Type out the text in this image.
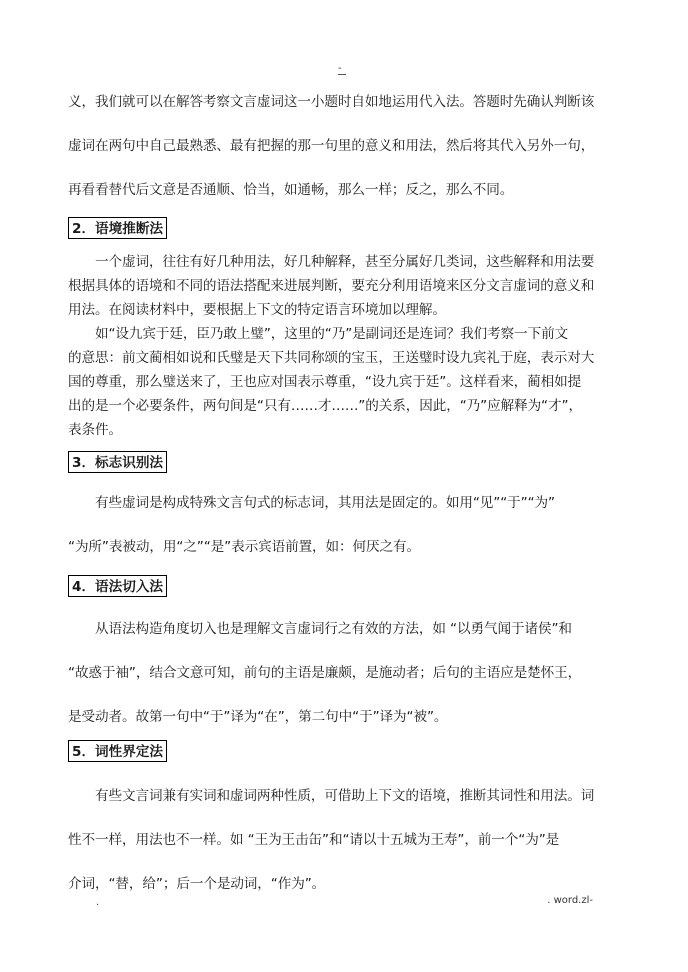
-
义，我们就可以在解答考察文言虚词这一小题时自如地运用代入法。答题时先确认判断该
虚词在两句中自己最熟悉、最有把握的那一句里的意义和用法，然后将其代入另外一句，
再看看替代后文意是否通顺、恰当，如通畅，那么一样；反之，那么不同。
2．语境推断法
一个虚词，往往有好几种用法，好几种解释，甚至分属好几类词，这些解释和用法要
根据具体的语境和不同的语法搭配来进展判断，要充分利用语境来区分文言虚词的意义和
用法。在阅读材料中，要根据上下文的特定语言环境加以理解。
如“设九宾于廷，臣乃敢上璧”，这里的“乃”是副词还是连词？我们考察一下前文
的意思：前文蔺相如说和氏璧是天下共同称颂的宝玉，王送璧时设九宾礼于庭，表示对大
国的尊重，那么璧送来了，王也应对国表示尊重，“设九宾于廷”。这样看来，蔺相如提
出的是一个必要条件，两句间是“只有……才……”的关系，因此，“乃”应解释为“才”，
表条件。
3．标志识别法
有些虚词是构成特殊文言句式的标志词，其用法是固定的。如用“见”“于”“为”
“为所”表被动，用“之”“是”表示宾语前置，如：何厌之有。
4．语法切入法
从语法构造角度切入也是理解文言虚词行之有效的方法，如 “以勇气闻于诸侯”和
“故惑于袖”，结合文意可知，前句的主语是廉颇，是施动者；后句的主语应是楚怀王，
是受动者。故第一句中“于”译为“在”，第二句中“于”译为“被”。
5．词性界定法
有些文言词兼有实词和虚词两种性质，可借助上下文的语境，推断其词性和用法。词
性不一样，用法也不一样。如 “王为王击缶”和“请以十五城为王寿”，前一个“为”是
介词，“替，给”；后一个是动词，“作为”。
.	. word.zl-
